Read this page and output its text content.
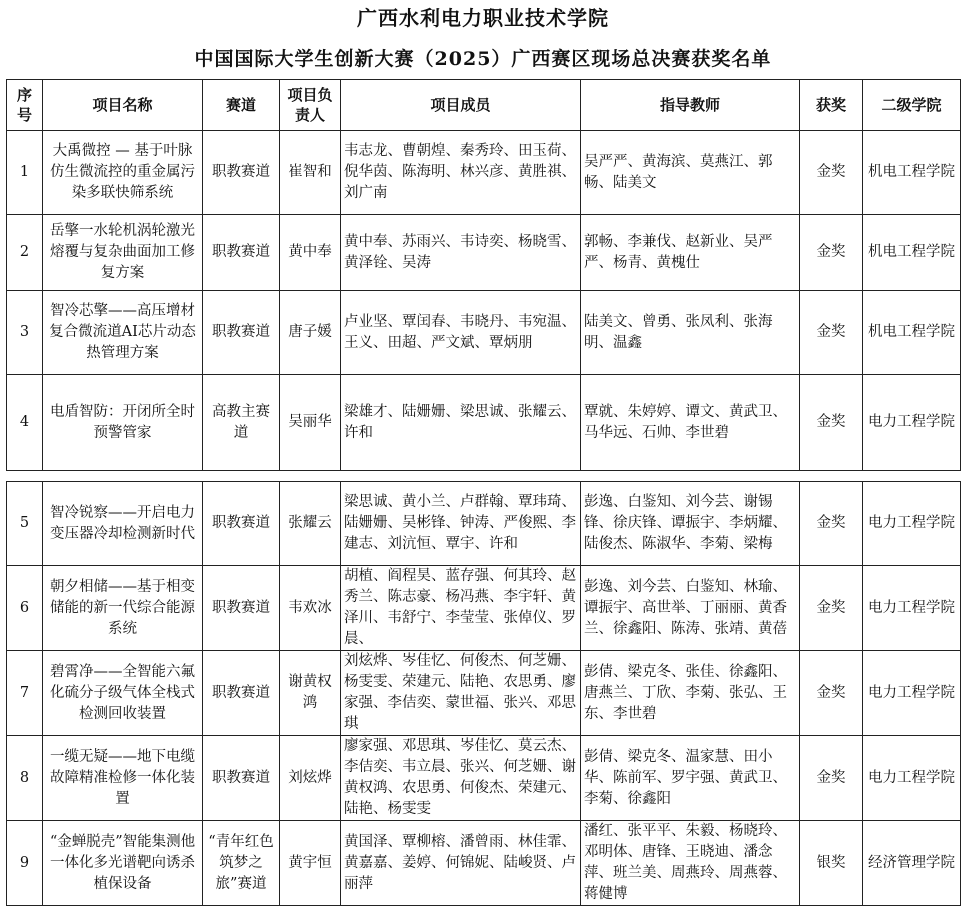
广西水利电力职业技术学院
中国国际大学生创新大赛（2025）广西赛区现场总决赛获奖名单
序号	项目名称	赛道	项目负责人	项目成员	指导教师	获奖	二级学院
1	大禹微控 — 基于叶脉仿生微流控的重金属污染多联快筛系统	职教赛道	崔智和	韦志龙、曹朝煌、秦秀玲、田玉荷、倪华茵、陈海明、林兴彦、黄胜祺、刘广南	吴严严、黄海滨、莫燕江、郭畅、陆美文	金奖	机电工程学院
2	岳擎一水轮机涡轮激光熔覆与复杂曲面加工修复方案	职教赛道	黄中奉	黄中奉、苏雨兴、韦诗奕、杨晓雪、黄泽铨、吴涛	郭畅、李兼伐、赵新业、吴严严、杨青、黄槐仕	金奖	机电工程学院
3	智冷芯擎——高压增材复合微流道AI芯片动态热管理方案	职教赛道	唐子媛	卢业坚、覃闰春、韦晓丹、韦宛温、王义、田超、严文斌、覃炳朋	陆美文、曾勇、张凤利、张海明、温鑫	金奖	机电工程学院
4	电盾智防：开闭所全时预警管家	高教主赛道	吴丽华	梁雄才、陆姗姗、梁思诚、张耀云、许和	覃就、朱婷婷、谭文、黄武卫、马华远、石帅、李世碧	金奖	电力工程学院
5	智冷锐察——开启电力变压器冷却检测新时代	职教赛道	张耀云	梁思诚、黄小兰、卢群翰、覃玮琦、陆姗姗、吴彬锋、钟涛、严俊熙、李建志、刘沆恒、覃宇、许和	彭逸、白鉴知、刘今芸、谢锡锋、徐庆锋、谭振宇、李炳耀、陆俊杰、陈淑华、李菊、梁梅	金奖	电力工程学院
6	朝夕相储——基于相变储能的新一代综合能源系统	职教赛道	韦欢冰	胡植、阎程昊、蓝存强、何其玲、赵秀兰、陈志豪、杨冯燕、李宇轩、黄泽川、韦舒宁、李莹莹、张倬仪、罗晨、	彭逸、刘今芸、白鉴知、林瑜、谭振宇、高世举、丁丽丽、黄香兰、徐鑫阳、陈涛、张靖、黄蓓	金奖	电力工程学院
7	碧霄净——全智能六氟化硫分子级气体全栈式检测回收装置	职教赛道	谢黄权鸿	刘炫烨、岑佳忆、何俊杰、何芝姗、杨雯雯、荣建元、陆艳、农思勇、廖家强、李佶奕、蒙世福、张兴、邓思琪	彭倩、梁克冬、张佳、徐鑫阳、唐燕兰、丁欣、李菊、张弘、王东、李世碧	金奖	电力工程学院
8	一缆无疑——地下电缆故障精准检修一体化装置	职教赛道	刘炫烨	廖家强、邓思琪、岑佳忆、莫云杰、李佶奕、韦立晨、张兴、何芝姗、谢黄权鸿、农思勇、何俊杰、荣建元、陆艳、杨雯雯	彭倩、梁克冬、温家慧、田小华、陈前军、罗宇强、黄武卫、李菊、徐鑫阳	金奖	电力工程学院
9	“金蝉脱壳”智能集测他一体化多光谱靶向诱杀植保设备	“青年红色筑梦之旅”赛道	黄宇恒	黄国泽、覃柳榕、潘曾雨、林佳霏、黄嘉嘉、姜婷、何锦妮、陆峻贤、卢丽萍	潘红、张平平、朱毅、杨晓玲、邓明体、唐锋、王晓迪、潘念萍、班兰美、周燕玲、周燕蓉、蒋健博	银奖	经济管理学院
